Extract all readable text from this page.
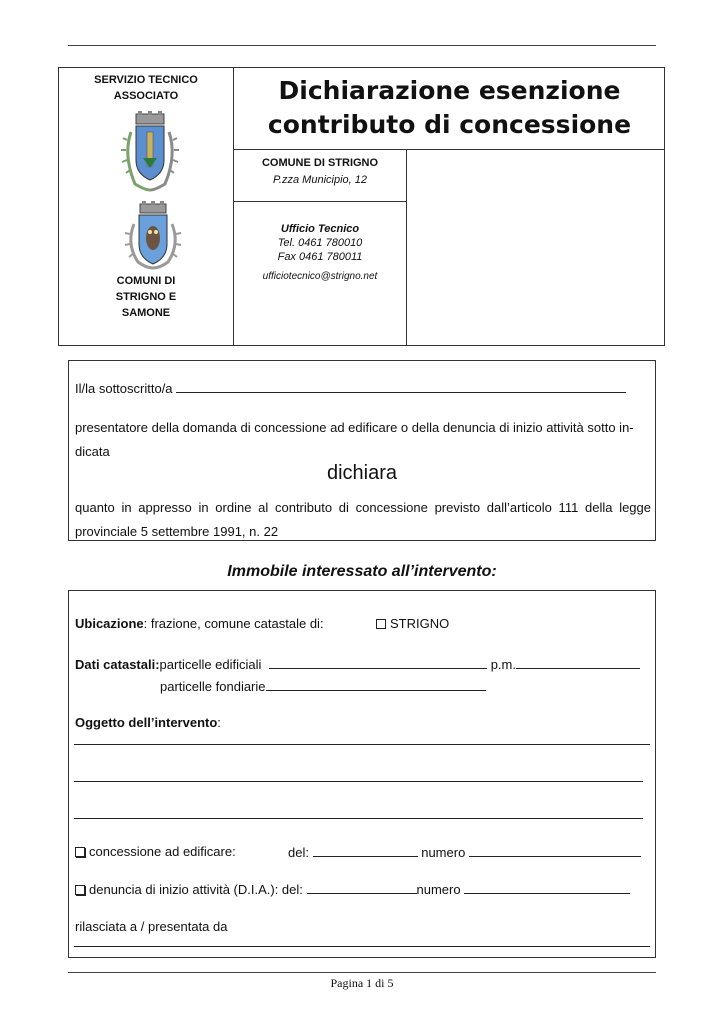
SERVIZIO TECNICO
ASSOCIATO
COMUNI DI
STRIGNO E
SAMONE
Dichiarazione esenzione
contributo di concessione
COMUNE DI STRIGNO
P.zza Municipio, 12
Ufficio Tecnico
Tel. 0461 780010
Fax 0461 780011
ufficiotecnico@strigno.net
Il/la sottoscritto/a
presentatore della domanda di concessione ad edificare o della denuncia di inizio attività sotto in-
dicata
dichiara
quanto in appresso in ordine al contributo di concessione previsto dall’articolo 111 della legge
provinciale 5 settembre 1991, n. 22
Immobile interessato all’intervento:
Ubicazione: frazione, comune catastale di:	STRIGNO
Dati catastali:particelle edificiali	p.m.
particelle fondiarie
Oggetto dell’intervento:
concessione ad edificare:	del:	numero
denuncia di inizio attività (D.I.A.): del:	numero
rilasciata a / presentata da
Pagina 1 di 5
